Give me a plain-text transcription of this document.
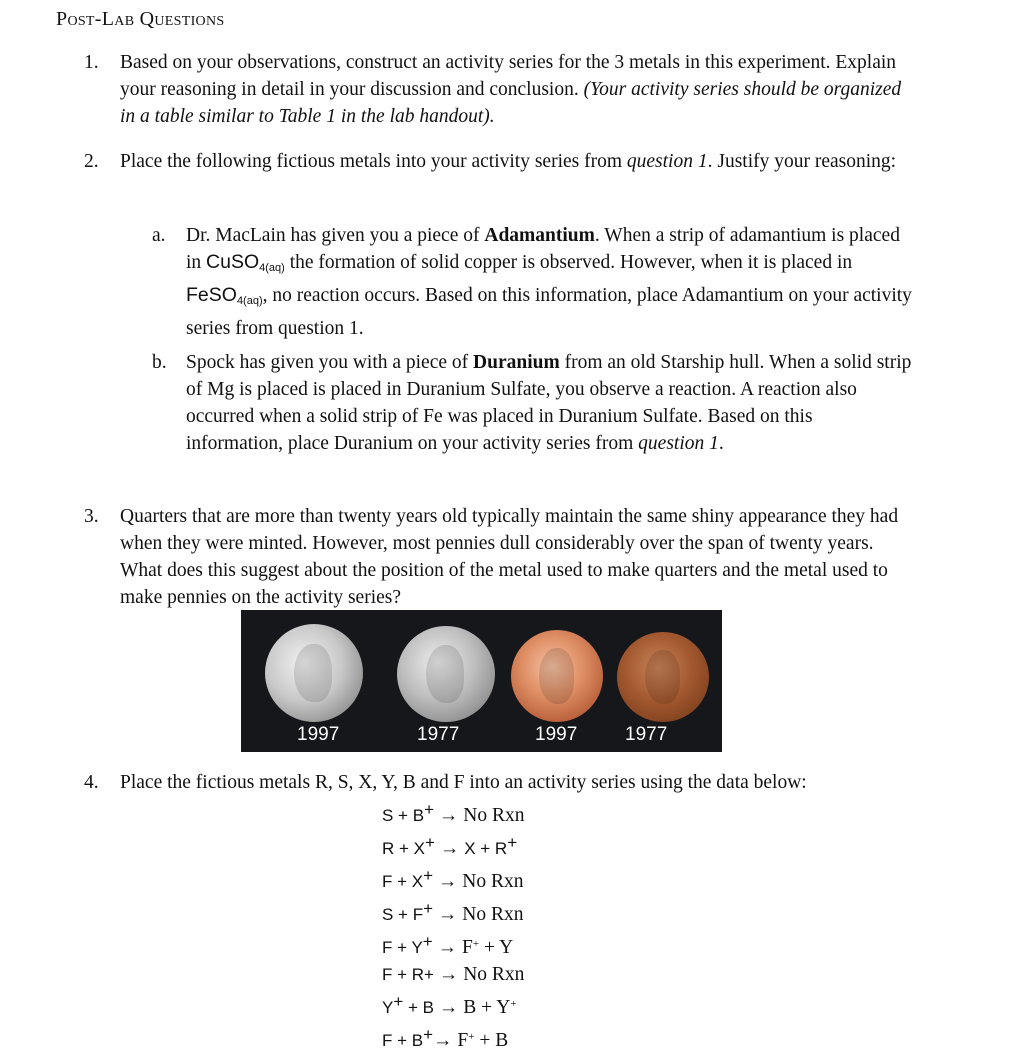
Post-Lab Questions
1. Based on your observations, construct an activity series for the 3 metals in this experiment. Explain your reasoning in detail in your discussion and conclusion. (Your activity series should be organized in a table similar to Table 1 in the lab handout).
2. Place the following fictious metals into your activity series from question 1. Justify your reasoning:
a. Dr. MacLain has given you a piece of Adamantium. When a strip of adamantium is placed in CuSO$_{4(aq)}$ the formation of solid copper is observed. However, when it is placed in FeSO$_{4(aq)}$, no reaction occurs. Based on this information, place Adamantium on your activity series from question 1.
b. Spock has given you with a piece of Duranium from an old Starship hull. When a solid strip of Mg is placed is placed in Duranium Sulfate, you observe a reaction. A reaction also occurred when a solid strip of Fe was placed in Duranium Sulfate. Based on this information, place Duranium on your activity series from question 1.
3. Quarters that are more than twenty years old typically maintain the same shiny appearance they had when they were minted. However, most pennies dull considerably over the span of twenty years. What does this suggest about the position of the metal used to make quarters and the metal used to make pennies on the activity series?
1997	1977	1997	1977
4. Place the fictious metals R, S, X, Y, B and F into an activity series using the data below:
S + B+ → No Rxn
R + X+ → X + R+
F + X+ → No Rxn
S + F+ → No Rxn
F + Y+ → F+ + Y
F + R+ → No Rxn
Y+ + B → B + Y+
F + B+→ F+ + B
